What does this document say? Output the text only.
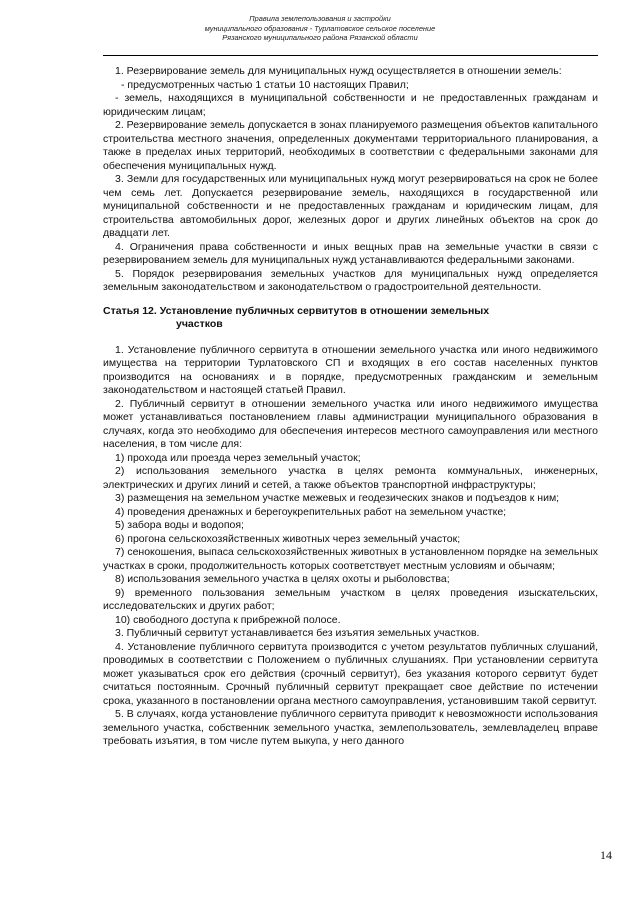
Правила землепользования и застройки
муниципального образования - Турлатовское сельское поселение
Рязанского муниципального района Рязанской области

1. Резервирование земель для муниципальных нужд осуществляется в отношении земель:

- предусмотренных частью 1 статьи 10 настоящих Правил;

- земель, находящихся в муниципальной собственности и не предоставленных гражданам и юридическим лицам;

2. Резервирование земель допускается в зонах планируемого размещения объектов капитального строительства местного значения, определенных документами территориального планирования, а также в пределах иных территорий, необходимых в соответствии с федеральными законами для обеспечения муниципальных нужд.

3. Земли для государственных или муниципальных нужд могут резервироваться на срок не более чем семь лет. Допускается резервирование земель, находящихся в государственной или муниципальной собственности и не предоставленных гражданам и юридическим лицам, для строительства автомобильных дорог, железных дорог и других линейных объектов на срок до двадцати лет.

4. Ограничения права собственности и иных вещных прав на земельные участки в связи с резервированием земель для муниципальных нужд устанавливаются федеральными законами.

5. Порядок резервирования земельных участков для муниципальных нужд определяется земельным законодательством и законодательством о градостроительной деятельности.

Статья 12. Установление публичных сервитутов в отношении земельных
участков

1. Установление публичного сервитута в отношении земельного участка или иного недвижимого имущества на территории Турлатовского СП и входящих в его состав населенных пунктов производится на основаниях и в порядке, предусмотренных гражданским и земельным законодательством и настоящей статьей Правил.

2. Публичный сервитут в отношении земельного участка или иного недвижимого имущества может устанавливаться постановлением главы администрации муниципального образования в случаях, когда это необходимо для обеспечения интересов местного самоуправления или местного населения, в том числе для:

1) прохода или проезда через земельный участок;

2) использования земельного участка в целях ремонта коммунальных, инженерных, электрических и других линий и сетей, а также объектов транспортной инфраструктуры;

3) размещения на земельном участке межевых и геодезических знаков и подъездов к ним;

4) проведения дренажных и берегоукрепительных работ на земельном участке;

5) забора воды и водопоя;

6) прогона сельскохозяйственных животных через земельный участок;

7) сенокошения, выпаса сельскохозяйственных животных в установленном порядке на земельных участках в сроки, продолжительность которых соответствует местным условиям и обычаям;

8) использования земельного участка в целях охоты и рыболовства;

9) временного пользования земельным участком в целях проведения изыскательских, исследовательских и других работ;

10) свободного доступа к прибрежной полосе.

3. Публичный сервитут устанавливается без изъятия земельных участков.

4. Установление публичного сервитута производится с учетом результатов публичных слушаний, проводимых в соответствии с Положением о публичных слушаниях. При установлении сервитута может указываться срок его действия (срочный сервитут), без указания которого сервитут будет считаться постоянным. Срочный публичный сервитут прекращает свое действие по истечении срока, указанного в постановлении органа местного самоуправления, установившим такой сервитут.

5. В случаях, когда установление публичного сервитута приводит к невозможности использования земельного участка, собственник земельного участка, землепользователь, землевладелец вправе требовать изъятия, в том числе путем выкупа, у него данного

14
